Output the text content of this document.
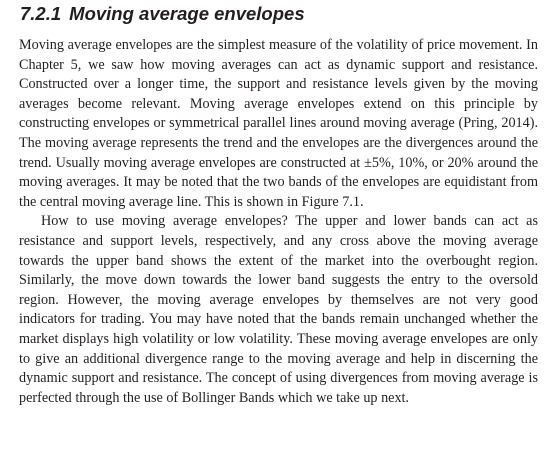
7.2.1 Moving average envelopes

Moving average envelopes are the simplest measure of the volatility of price movement. In Chapter 5, we saw how moving averages can act as dynamic support and resistance. Constructed over a longer time, the support and resistance levels given by the moving averages become relevant. Moving average envelopes extend on this principle by constructing envelopes or symmetrical parallel lines around moving average (Pring, 2014). The moving average represents the trend and the envelopes are the divergences around the trend. Usually moving average envelopes are constructed at ±5%, 10%, or 20% around the moving averages. It may be noted that the two bands of the envelopes are equidistant from the central moving average line. This is shown in Figure 7.1.

How to use moving average envelopes? The upper and lower bands can act as resistance and support levels, respectively, and any cross above the moving average towards the upper band shows the extent of the market into the overbought region. Similarly, the move down towards the lower band suggests the entry to the oversold region. However, the moving average envelopes by themselves are not very good indicators for trading. You may have noted that the bands remain unchanged whether the market displays high volatility or low volatility. These moving average envelopes are only to give an additional divergence range to the moving average and help in discerning the dynamic support and resistance. The concept of using divergences from moving average is perfected through the use of Bollinger Bands which we take up next.
